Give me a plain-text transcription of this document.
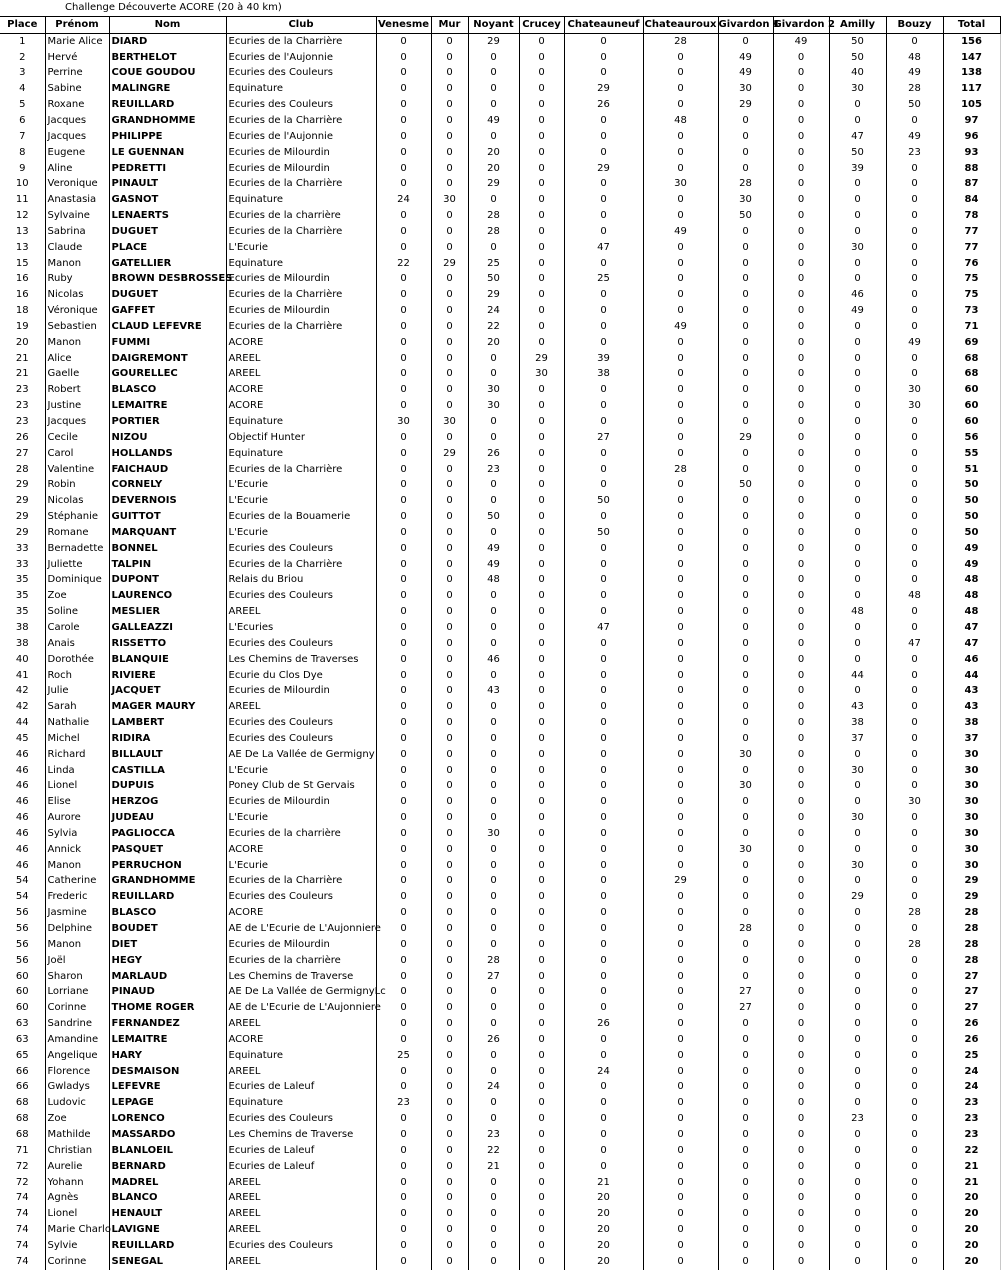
Challenge Découverte ACORE (20 à 40 km)
Place	Prénom	Nom	Club	Venesme	Mur	Noyant	Crucey	Chateauneuf	Chateauroux	Givardon 1	Givardon 2	Amilly	Bouzy	Total
1	Marie Alice	DIARD	Ecuries de la Charrière	0	0	29	0	0	28	0	49	50	0	156
2	Hervé	BERTHELOT	Ecuries de l'Aujonnie	0	0	0	0	0	0	49	0	50	48	147
3	Perrine	COUE GOUDOU	Ecuries des Couleurs	0	0	0	0	0	0	49	0	40	49	138
4	Sabine	MALINGRE	Equinature	0	0	0	0	29	0	30	0	30	28	117
5	Roxane	REUILLARD	Ecuries des Couleurs	0	0	0	0	26	0	29	0	0	50	105
6	Jacques	GRANDHOMME	Ecuries de la Charrière	0	0	49	0	0	48	0	0	0	0	97
7	Jacques	PHILIPPE	Ecuries de l'Aujonnie	0	0	0	0	0	0	0	0	47	49	96
8	Eugene	LE GUENNAN	Ecuries de Milourdin	0	0	20	0	0	0	0	0	50	23	93
9	Aline	PEDRETTI	Ecuries de Milourdin	0	0	20	0	29	0	0	0	39	0	88
10	Veronique	PINAULT	Ecuries de la Charrière	0	0	29	0	0	30	28	0	0	0	87
11	Anastasia	GASNOT	Equinature	24	30	0	0	0	0	30	0	0	0	84
12	Sylvaine	LENAERTS	Ecuries de la charrière	0	0	28	0	0	0	50	0	0	0	78
13	Sabrina	DUGUET	Ecuries de la Charrière	0	0	28	0	0	49	0	0	0	0	77
13	Claude	PLACE	L'Ecurie	0	0	0	0	47	0	0	0	30	0	77
15	Manon	GATELLIER	Equinature	22	29	25	0	0	0	0	0	0	0	76
16	Ruby	BROWN DESBROSSES	Ecuries de Milourdin	0	0	50	0	25	0	0	0	0	0	75
16	Nicolas	DUGUET	Ecuries de la Charrière	0	0	29	0	0	0	0	0	46	0	75
18	Véronique	GAFFET	Ecuries de Milourdin	0	0	24	0	0	0	0	0	49	0	73
19	Sebastien	CLAUD LEFEVRE	Ecuries de la Charrière	0	0	22	0	0	49	0	0	0	0	71
20	Manon	FUMMI	ACORE	0	0	20	0	0	0	0	0	0	49	69
21	Alice	DAIGREMONT	AREEL	0	0	0	29	39	0	0	0	0	0	68
21	Gaelle	GOURELLEC	AREEL	0	0	0	30	38	0	0	0	0	0	68
23	Robert	BLASCO	ACORE	0	0	30	0	0	0	0	0	0	30	60
23	Justine	LEMAITRE	ACORE	0	0	30	0	0	0	0	0	0	30	60
23	Jacques	PORTIER	Equinature	30	30	0	0	0	0	0	0	0	0	60
26	Cecile	NIZOU	Objectif Hunter	0	0	0	0	27	0	29	0	0	0	56
27	Carol	HOLLANDS	Equinature	0	29	26	0	0	0	0	0	0	0	55
28	Valentine	FAICHAUD	Ecuries de la Charrière	0	0	23	0	0	28	0	0	0	0	51
29	Robin	CORNELY	L'Ecurie	0	0	0	0	0	0	50	0	0	0	50
29	Nicolas	DEVERNOIS	L'Ecurie	0	0	0	0	50	0	0	0	0	0	50
29	Stéphanie	GUITTOT	Ecuries de la Bouamerie	0	0	50	0	0	0	0	0	0	0	50
29	Romane	MARQUANT	L'Ecurie	0	0	0	0	50	0	0	0	0	0	50
33	Bernadette	BONNEL	Ecuries des Couleurs	0	0	49	0	0	0	0	0	0	0	49
33	Juliette	TALPIN	Ecuries de la Charrière	0	0	49	0	0	0	0	0	0	0	49
35	Dominique	DUPONT	Relais du Briou	0	0	48	0	0	0	0	0	0	0	48
35	Zoe	LAURENCO	Ecuries des Couleurs	0	0	0	0	0	0	0	0	0	48	48
35	Soline	MESLIER	AREEL	0	0	0	0	0	0	0	0	48	0	48
38	Carole	GALLEAZZI	L'Ecuries	0	0	0	0	47	0	0	0	0	0	47
38	Anais	RISSETTO	Ecuries des Couleurs	0	0	0	0	0	0	0	0	0	47	47
40	Dorothée	BLANQUIE	Les Chemins de Traverses	0	0	46	0	0	0	0	0	0	0	46
41	Roch	RIVIERE	Ecurie du Clos Dye	0	0	0	0	0	0	0	0	44	0	44
42	Julie	JACQUET	Ecuries de Milourdin	0	0	43	0	0	0	0	0	0	0	43
42	Sarah	MAGER MAURY	AREEL	0	0	0	0	0	0	0	0	43	0	43
44	Nathalie	LAMBERT	Ecuries des Couleurs	0	0	0	0	0	0	0	0	38	0	38
45	Michel	RIDIRA	Ecuries des Couleurs	0	0	0	0	0	0	0	0	37	0	37
46	Richard	BILLAULT	AE De La Vallée de Germigny	0	0	0	0	0	0	30	0	0	0	30
46	Linda	CASTILLA	L'Ecurie	0	0	0	0	0	0	0	0	30	0	30
46	Lionel	DUPUIS	Poney Club de St Gervais	0	0	0	0	0	0	30	0	0	0	30
46	Elise	HERZOG	Ecuries de Milourdin	0	0	0	0	0	0	0	0	0	30	30
46	Aurore	JUDEAU	L'Ecurie	0	0	0	0	0	0	0	0	30	0	30
46	Sylvia	PAGLIOCCA	Ecuries de la charrière	0	0	30	0	0	0	0	0	0	0	30
46	Annick	PASQUET	ACORE	0	0	0	0	0	0	30	0	0	0	30
46	Manon	PERRUCHON	L'Ecurie	0	0	0	0	0	0	0	0	30	0	30
54	Catherine	GRANDHOMME	Ecuries de la Charrière	0	0	0	0	0	29	0	0	0	0	29
54	Frederic	REUILLARD	Ecuries des Couleurs	0	0	0	0	0	0	0	0	29	0	29
56	Jasmine	BLASCO	ACORE	0	0	0	0	0	0	0	0	0	28	28
56	Delphine	BOUDET	AE de L'Ecurie de L'Aujonniere	0	0	0	0	0	0	28	0	0	0	28
56	Manon	DIET	Ecuries de Milourdin	0	0	0	0	0	0	0	0	0	28	28
56	Joël	HEGY	Ecuries de la charrière	0	0	28	0	0	0	0	0	0	0	28
60	Sharon	MARLAUD	Les Chemins de Traverse	0	0	27	0	0	0	0	0	0	0	27
60	Lorriane	PINAUD	AE De La Vallée de GermignyLc	0	0	0	0	0	0	27	0	0	0	27
60	Corinne	THOME ROGER	AE de L'Ecurie de L'Aujonniere	0	0	0	0	0	0	27	0	0	0	27
63	Sandrine	FERNANDEZ	AREEL	0	0	0	0	26	0	0	0	0	0	26
63	Amandine	LEMAITRE	ACORE	0	0	26	0	0	0	0	0	0	0	26
65	Angelique	HARY	Equinature	25	0	0	0	0	0	0	0	0	0	25
66	Florence	DESMAISON	AREEL	0	0	0	0	24	0	0	0	0	0	24
66	Gwladys	LEFEVRE	Ecuries de Laleuf	0	0	24	0	0	0	0	0	0	0	24
68	Ludovic	LEPAGE	Equinature	23	0	0	0	0	0	0	0	0	0	23
68	Zoe	LORENCO	Ecuries des Couleurs	0	0	0	0	0	0	0	0	23	0	23
68	Mathilde	MASSARDO	Les Chemins de Traverse	0	0	23	0	0	0	0	0	0	0	23
71	Christian	BLANLOEIL	Ecuries de Laleuf	0	0	22	0	0	0	0	0	0	0	22
72	Aurelie	BERNARD	Ecuries de Laleuf	0	0	21	0	0	0	0	0	0	0	21
72	Yohann	MADREL	AREEL	0	0	0	0	21	0	0	0	0	0	21
74	Agnès	BLANCO	AREEL	0	0	0	0	20	0	0	0	0	0	20
74	Lionel	HENAULT	AREEL	0	0	0	0	20	0	0	0	0	0	20
74	Marie Charlo	LAVIGNE	AREEL	0	0	0	0	20	0	0	0	0	0	20
74	Sylvie	REUILLARD	Ecuries des Couleurs	0	0	0	0	20	0	0	0	0	0	20
74	Corinne	SENEGAL	AREEL	0	0	0	0	20	0	0	0	0	0	20
